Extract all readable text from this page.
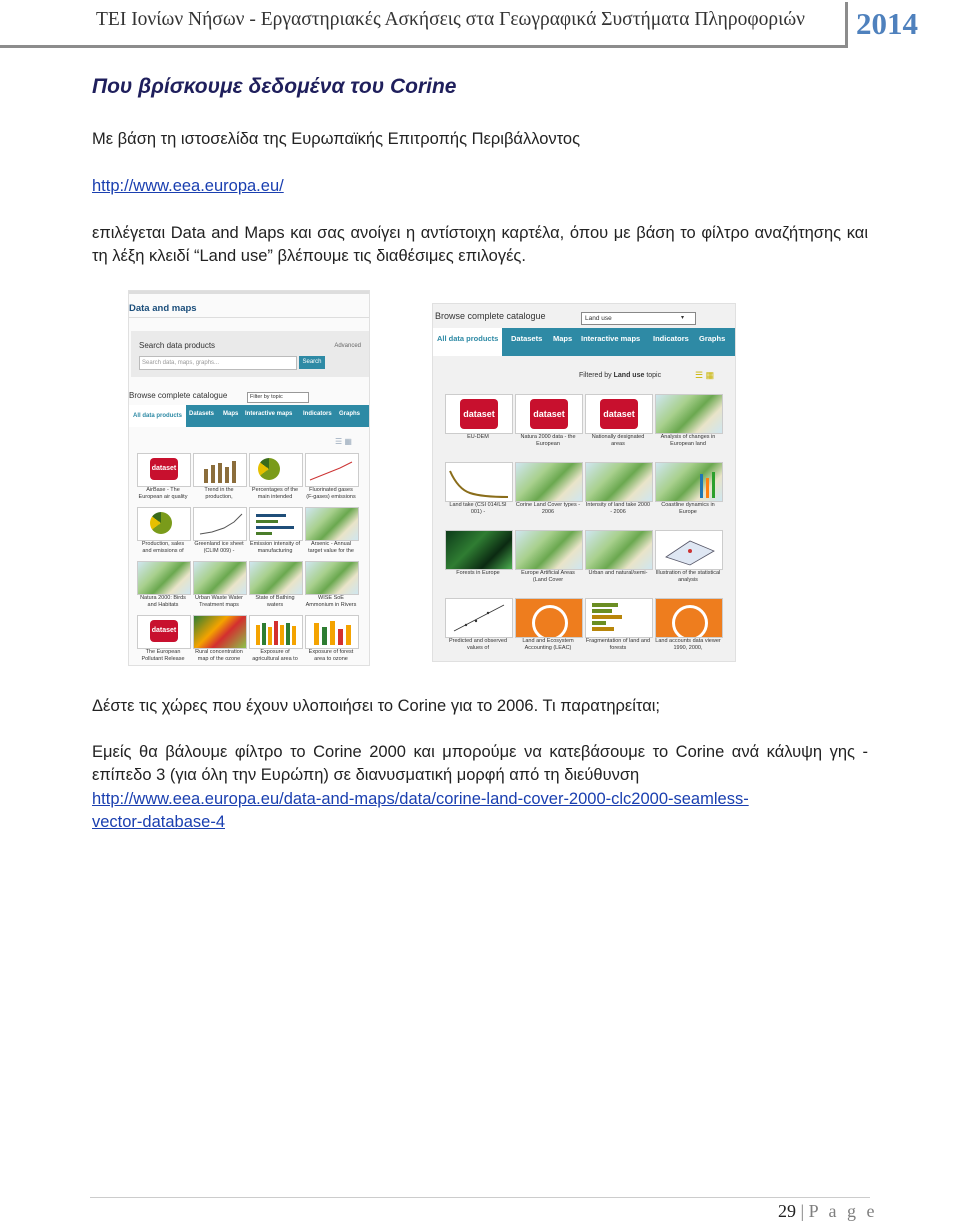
ΤΕΙ Ιονίων Νήσων - Εργαστηριακές Ασκήσεις στα Γεωγραφικά Συστήματα Πληροφοριών 2014
Που βρίσκουμε δεδομένα του Corine
Με βάση τη ιστοσελίδα της Ευρωπαϊκής Επιτροπής Περιβάλλοντος
http://www.eea.europa.eu/
επιλέγεται Data and Maps και σας ανοίγει η αντίστοιχη καρτέλα, όπου με βάση το φίλτρο αναζήτησης και τη λέξη κλειδί “Land use” βλέπουμε τις διαθέσιμες επιλογές.
Data and maps
Search data products	Advanced
Search data, maps, graphs...	Search
Browse complete catalogue	Filter by topic
All data products	Datasets Maps Interactive maps Indicators Graphs
☰ ▦
dataset
AirBase - The European air quality
Trend in the production,
Percentages of the main intended
Fluorinated gases (F-gases) emissions
Production, sales and emissions of
Greenland ice sheet (CLIM 009) -
Emission intensity of manufacturing
Arsenic - Annual target value for the
Natura 2000: Birds and Habitats
Urban Waste Water Treatment maps
State of Bathing waters
WISE SoE Ammonium in Rivers
dataset
The European Pollutant Release
Rural concentration map of the ozone
Exposure of agricultural area to
Exposure of forest area to ozone
Browse complete catalogue	Land use	▾
All data products	Datasets Maps Interactive maps Indicators Graphs
Filtered by Land use topic	☰ ▦
dataset
EU-DEM
dataset
Natura 2000 data - the European
dataset
Nationally designated areas
Analysis of changes in European land
Land take (CSI 014/LSI 001) -
Corine Land Cover types - 2006
Intensity of land take 2000 - 2006
Coastline dynamics in Europe
Forests in Europe	Europe Artificial Areas (Land Cover
Urban and natural/semi-	Illustration of the statistical analysis
Predicted and observed values of
Land and Ecosystem Accounting (LEAC)
Fragmentation of land and forests
Land accounts data viewer 1990, 2000,
Δέστε τις χώρες που έχουν υλοποιήσει το Corine για το 2006. Τι παρατηρείται;
Εμείς θα βάλουμε φίλτρο το Corine 2000 και μπορούμε να κατεβάσουμε το Corine ανά κάλυψη γης - επίπεδο 3 (για όλη την Ευρώπη) σε διανυσματική μορφή από τη διεύθυνση
http://www.eea.europa.eu/data-and-maps/data/corine-land-cover-2000-clc2000-seamless-
vector-database-4
29 | P a g e
